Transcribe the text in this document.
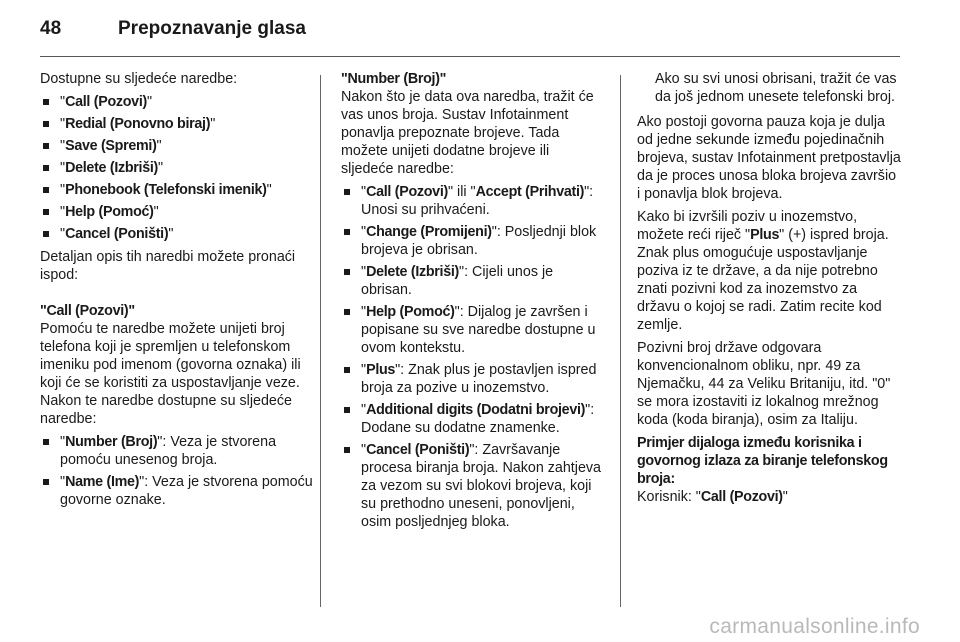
48	Prepoznavanje glasa

Dostupne su sljedeće naredbe:

"Call (Pozovi)"
"Redial (Ponovno biraj)"
"Save (Spremi)"
"Delete (Izbriši)"
"Phonebook (Telefonski imenik)"
"Help (Pomoć)"
"Cancel (Poništi)"

Detaljan opis tih naredbi možete pronaći ispod:

"Call (Pozovi)"

Pomoću te naredbe možete unijeti broj telefona koji je spremljen u telefonskom imeniku pod imenom (govorna oznaka) ili koji će se koristiti za uspostavljanje veze. Nakon te naredbe dostupne su sljedeće naredbe:

"Number (Broj)": Veza je stvorena pomoću unesenog broja.
"Name (Ime)": Veza je stvorena pomoću govorne oznake.

"Number (Broj)"

Nakon što je data ova naredba, tražit će vas unos broja. Sustav Infotainment ponavlja prepoznate brojeve. Tada možete unijeti dodatne brojeve ili sljedeće naredbe:

"Call (Pozovi)" ili "Accept (Prihvati)": Unosi su prihvaćeni.
"Change (Promijeni)": Posljednji blok brojeva je obrisan.
"Delete (Izbriši)": Cijeli unos je obrisan.
"Help (Pomoć)": Dijalog je završen i popisane su sve naredbe dostupne u ovom kontekstu.
"Plus": Znak plus je postavljen ispred broja za pozive u inozemstvo.
"Additional digits (Dodatni brojevi)": Dodane su dodatne znamenke.
"Cancel (Poništi)": Završavanje procesa biranja broja. Nakon zahtjeva za vezom su svi blokovi brojeva, koji su prethodno uneseni, ponovljeni, osim posljednjeg bloka.

Ako su svi unosi obrisani, tražit će vas da još jednom unesete telefonski broj.

Ako postoji govorna pauza koja je dulja od jedne sekunde između pojedinačnih brojeva, sustav Infotainment pretpostavlja da je proces unosa bloka brojeva završio i ponavlja blok brojeva.

Kako bi izvršili poziv u inozemstvo, možete reći riječ "Plus" (+) ispred broja. Znak plus omogućuje uspostavljanje poziva iz te države, a da nije potrebno znati pozivni kod za inozemstvo za državu o kojoj se radi. Zatim recite kod zemlje.

Pozivni broj države odgovara konvencionalnom obliku, npr. 49 za Njemačku, 44 za Veliku Britaniju, itd. "0" se mora izostaviti iz lokalnog mrežnog koda (koda biranja), osim za Italiju.

Primjer dijaloga između korisnika i govornog izlaza za biranje telefonskog broja:

Korisnik: "Call (Pozovi)"

carmanualsonline.info
